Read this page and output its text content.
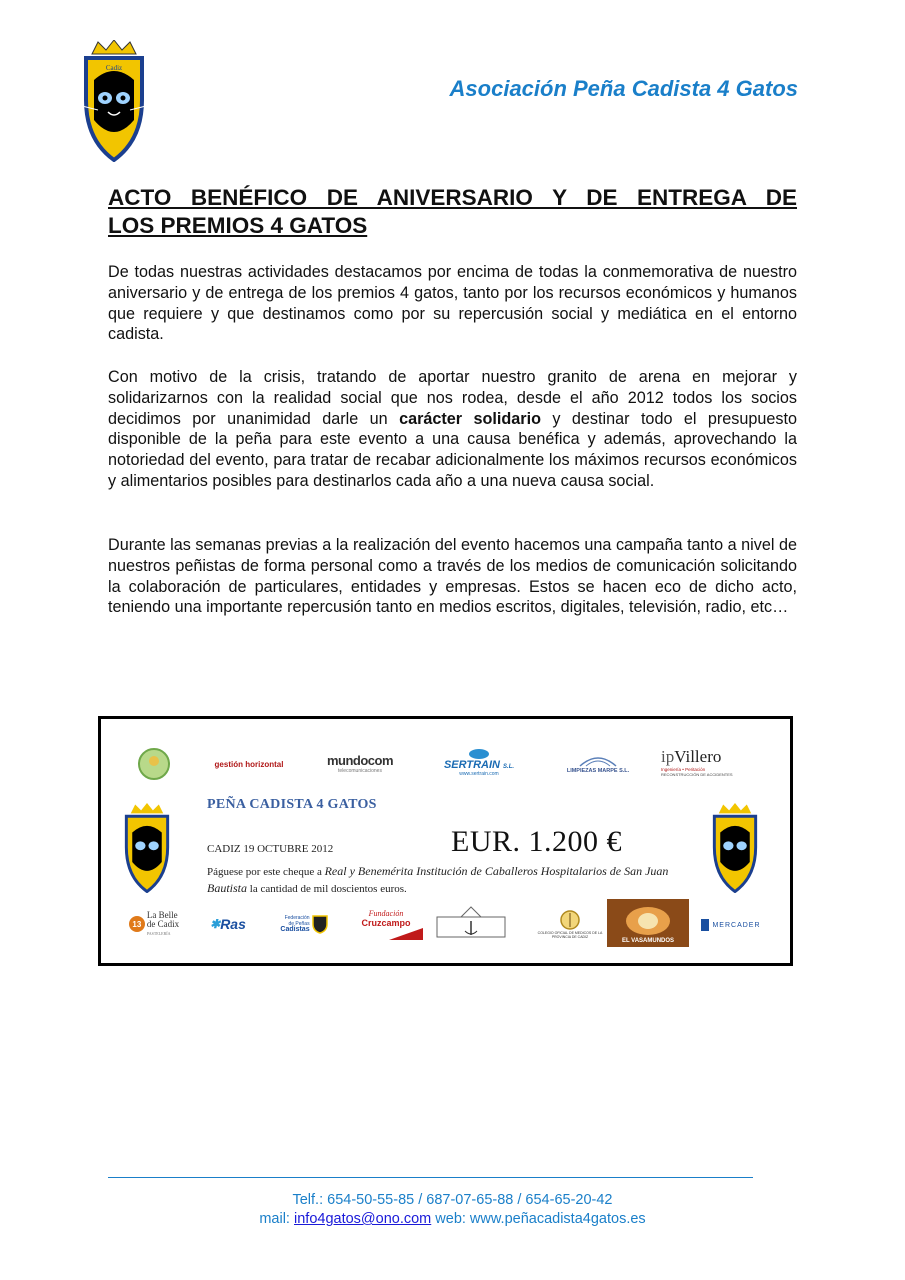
Cadiz
Asociación Peña Cadista 4 Gatos
ACTO BENÉFICO DE ANIVERSARIO Y DE ENTREGA DE
LOS PREMIOS 4 GATOS

De todas nuestras actividades destacamos por encima de todas la conmemorativa de nuestro aniversario y de entrega de los premios 4 gatos, tanto por los recursos económicos y humanos que requiere y que destinamos como por su repercusión social y mediática en el entorno cadista.

Con motivo de la crisis, tratando de aportar nuestro granito de arena en mejorar y solidarizarnos con la realidad social que nos rodea, desde el año 2012 todos los socios decidimos por unanimidad darle un carácter solidario y destinar todo el presupuesto disponible de la peña para este evento a una causa benéfica y además, aprovechando la notoriedad del evento, para tratar de recabar adicionalmente los máximos recursos económicos y alimentarios posibles para destinarlos cada año a una nueva causa social.

Durante las semanas previas a la realización del evento hacemos una campaña tanto a nivel de nuestros peñistas de forma personal como a través de los medios de comunicación solicitando la colaboración de particulares, entidades y empresas. Estos se hacen eco de dicho acto, teniendo una importante repercusión tanto en medios escritos, digitales, televisión, radio, etc…

gestión horizontal	mundocom
telecomunicaciones	SERTRAIN S.L.
www.sertrain.com	LIMPIEZAS MARPE S.L.
ipVillero
Ingeniería • Peritación
RECONSTRUCCIÓN DE ACCIDENTES
PEÑA CADISTA 4 GATOS
CADIZ 19 OCTUBRE 2012	EUR. 1.200 €
Páguese por este cheque a Real y Benemérita Institución de Caballeros Hospitalarios de San Juan Bautista la cantidad de mil doscientos euros.
13
La Belle
de Cadix
PASTELERÍA
✱ Ras	Federación
de Peñas
Cadistas
Fundación
Cruzcampo
COLEGIO OFICIAL DE MEDICOS DE LA PROVINCIA DE CADIZ
EL VASAMUNDOS
MERCADER
Telf.: 654-50-55-85 / 687-07-65-88 / 654-65-20-42
mail: info4gatos@ono.com web: www.peñacadista4gatos.es
